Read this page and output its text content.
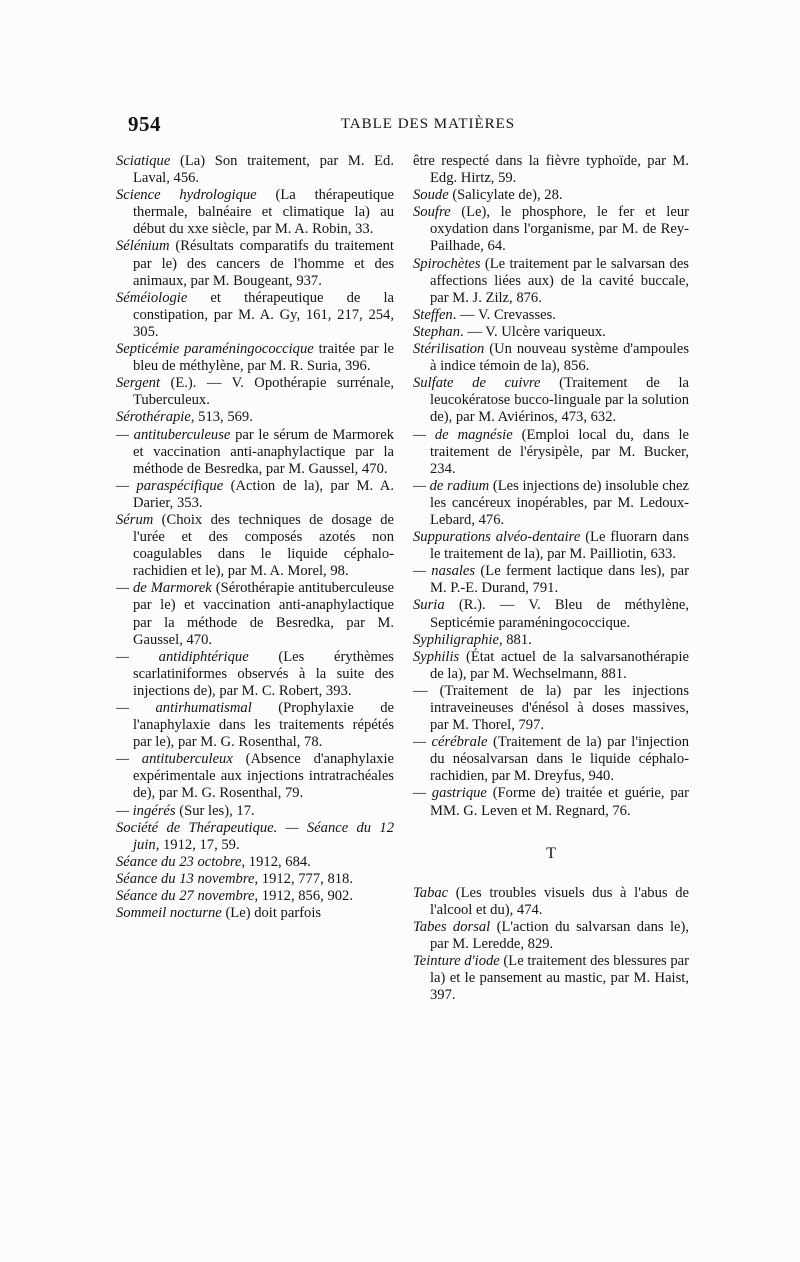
954	TABLE DES MATIÈRES

Sciatique (La) Son traitement, par M. Ed. Laval, 456.

Science hydrologique (La thérapeutique thermale, balnéaire et climatique la) au début du xxe siècle, par M. A. Robin, 33.

Sélénium (Résultats comparatifs du traitement par le) des cancers de l'homme et des animaux, par M. Bougeant, 937.

Séméiologie et thérapeutique de la constipation, par M. A. Gy, 161, 217, 254, 305.

Septicémie paraméningococcique traitée par le bleu de méthylène, par M. R. Suria, 396.

Sergent (E.). — V. Opothérapie surrénale, Tuberculeux.

Sérothérapie, 513, 569.

— antituberculeuse par le sérum de Marmorek et vaccination anti-anaphylactique par la méthode de Besredka, par M. Gaussel, 470.

— paraspécifique (Action de la), par M. A. Darier, 353.

Sérum (Choix des techniques de dosage de l'urée et des composés azotés non coagulables dans le liquide céphalo-rachidien et le), par M. A. Morel, 98.

— de Marmorek (Sérothérapie antituberculeuse par le) et vaccination anti-anaphylactique par la méthode de Besredka, par M. Gaussel, 470.

— antidiphtérique (Les érythèmes scarlatiniformes observés à la suite des injections de), par M. C. Robert, 393.

— antirhumatismal (Prophylaxie de l'anaphylaxie dans les traitements répétés par le), par M. G. Rosenthal, 78.

— antituberculeux (Absence d'anaphylaxie expérimentale aux injections intratrachéales de), par M. G. Rosenthal, 79.

— ingérés (Sur les), 17.

Société de Thérapeutique. — Séance du 12 juin, 1912, 17, 59.

Séance du 23 octobre, 1912, 684.

Séance du 13 novembre, 1912, 777, 818.

Séance du 27 novembre, 1912, 856, 902.

Sommeil nocturne (Le) doit parfois

être respecté dans la fièvre typhoïde, par M. Edg. Hirtz, 59.

Soude (Salicylate de), 28.

Soufre (Le), le phosphore, le fer et leur oxydation dans l'organisme, par M. de Rey-Pailhade, 64.

Spirochètes (Le traitement par le salvarsan des affections liées aux) de la cavité buccale, par M. J. Zilz, 876.

Steffen. — V. Crevasses.

Stephan. — V. Ulcère variqueux.

Stérilisation (Un nouveau système d'ampoules à indice témoin de la), 856.

Sulfate de cuivre (Traitement de la leucokératose bucco-linguale par la solution de), par M. Aviérinos, 473, 632.

— de magnésie (Emploi local du, dans le traitement de l'érysipèle, par M. Bucker, 234.

— de radium (Les injections de) insoluble chez les cancéreux inopérables, par M. Ledoux-Lebard, 476.

Suppurations alvéo-dentaire (Le fluorarn dans le traitement de la), par M. Pailliotin, 633.

— nasales (Le ferment lactique dans les), par M. P.-E. Durand, 791.

Suria (R.). — V. Bleu de méthylène, Septicémie paraméningococcique.

Syphiligraphie, 881.

Syphilis (État actuel de la salvarsanothérapie de la), par M. Wechselmann, 881.

— (Traitement de la) par les injections intraveineuses d'énésol à doses massives, par M. Thorel, 797.

— cérébrale (Traitement de la) par l'injection du néosalvarsan dans le liquide céphalo-rachidien, par M. Dreyfus, 940.

— gastrique (Forme de) traitée et guérie, par MM. G. Leven et M. Regnard, 76.

T

Tabac (Les troubles visuels dus à l'abus de l'alcool et du), 474.

Tabes dorsal (L'action du salvarsan dans le), par M. Leredde, 829.

Teinture d'iode (Le traitement des blessures par la) et le pansement au mastic, par M. Haist, 397.
